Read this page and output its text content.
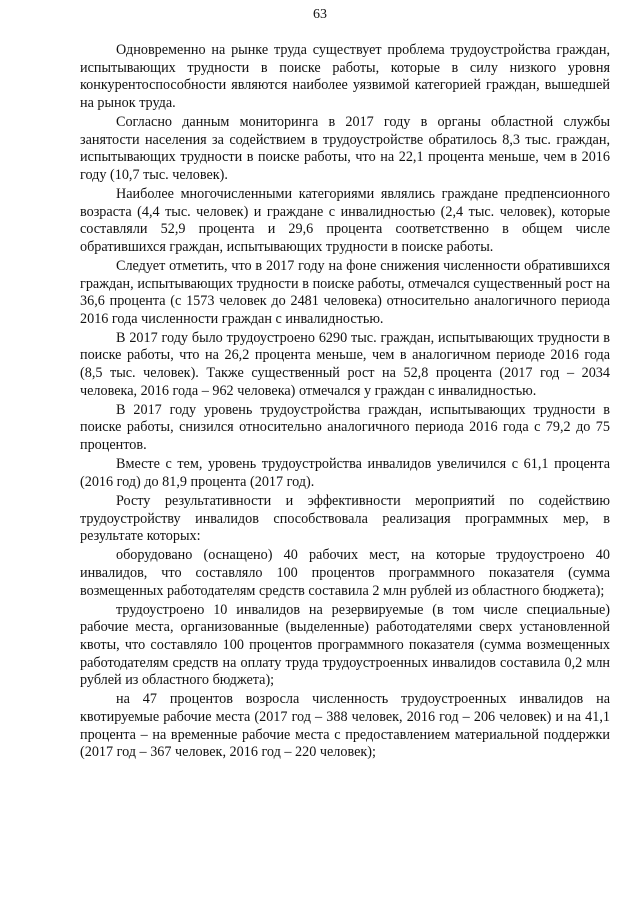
63

Одновременно на рынке труда существует проблема трудоустройства граждан, испытывающих трудности в поиске работы, которые в силу низкого уровня конкурентоспособности являются наиболее уязвимой категорией граждан, вышедшей на рынок труда.

Согласно данным мониторинга в 2017 году в органы областной службы занятости населения за содействием в трудоустройстве обратилось 8,3 тыс. граждан, испытывающих трудности в поиске работы, что на 22,1 процента меньше, чем в 2016 году (10,7 тыс. человек).

Наиболее многочисленными категориями являлись граждане предпенсионного возраста (4,4 тыс. человек) и граждане с инвалидностью (2,4 тыс. человек), которые составляли 52,9 процента и 29,6 процента соответственно в общем числе обратившихся граждан, испытывающих трудности в поиске работы.

Следует отметить, что в 2017 году на фоне снижения численности обратившихся граждан, испытывающих трудности в поиске работы, отмечался существенный рост на 36,6 процента (с 1573 человек до 2481 человека) относительно аналогичного периода 2016 года численности граждан с инвалидностью.

В 2017 году было трудоустроено 6290 тыс. граждан, испытывающих трудности в поиске работы, что на 26,2 процента меньше, чем в аналогичном периоде 2016 года (8,5 тыс. человек). Также существенный рост на 52,8 процента (2017 год – 2034 человека, 2016 года – 962 человека) отмечался у граждан с инвалидностью.

В 2017 году уровень трудоустройства граждан, испытывающих трудности в поиске работы, снизился относительно аналогичного периода 2016 года с 79,2 до 75 процентов.

Вместе с тем, уровень трудоустройства инвалидов увеличился с 61,1 процента (2016 год) до 81,9 процента (2017 год).

Росту результативности и эффективности мероприятий по содействию трудоустройству инвалидов способствовала реализация программных мер, в результате которых:

оборудовано (оснащено) 40 рабочих мест, на которые трудоустроено 40 инвалидов, что составляло 100 процентов программного показателя (сумма возмещенных работодателям средств составила 2 млн рублей из областного бюджета);

трудоустроено 10 инвалидов на резервируемые (в том числе специальные) рабочие места, организованные (выделенные) работодателями сверх установленной квоты, что составляло 100 процентов программного показателя (сумма возмещенных работодателям средств на оплату труда трудоустроенных инвалидов составила 0,2 млн рублей из областного бюджета);

на 47 процентов возросла численность трудоустроенных инвалидов на квотируемые рабочие места (2017 год – 388 человек, 2016 год – 206 человек) и на 41,1 процента – на временные рабочие места с предоставлением материальной поддержки (2017 год – 367 человек, 2016 год – 220 человек);
